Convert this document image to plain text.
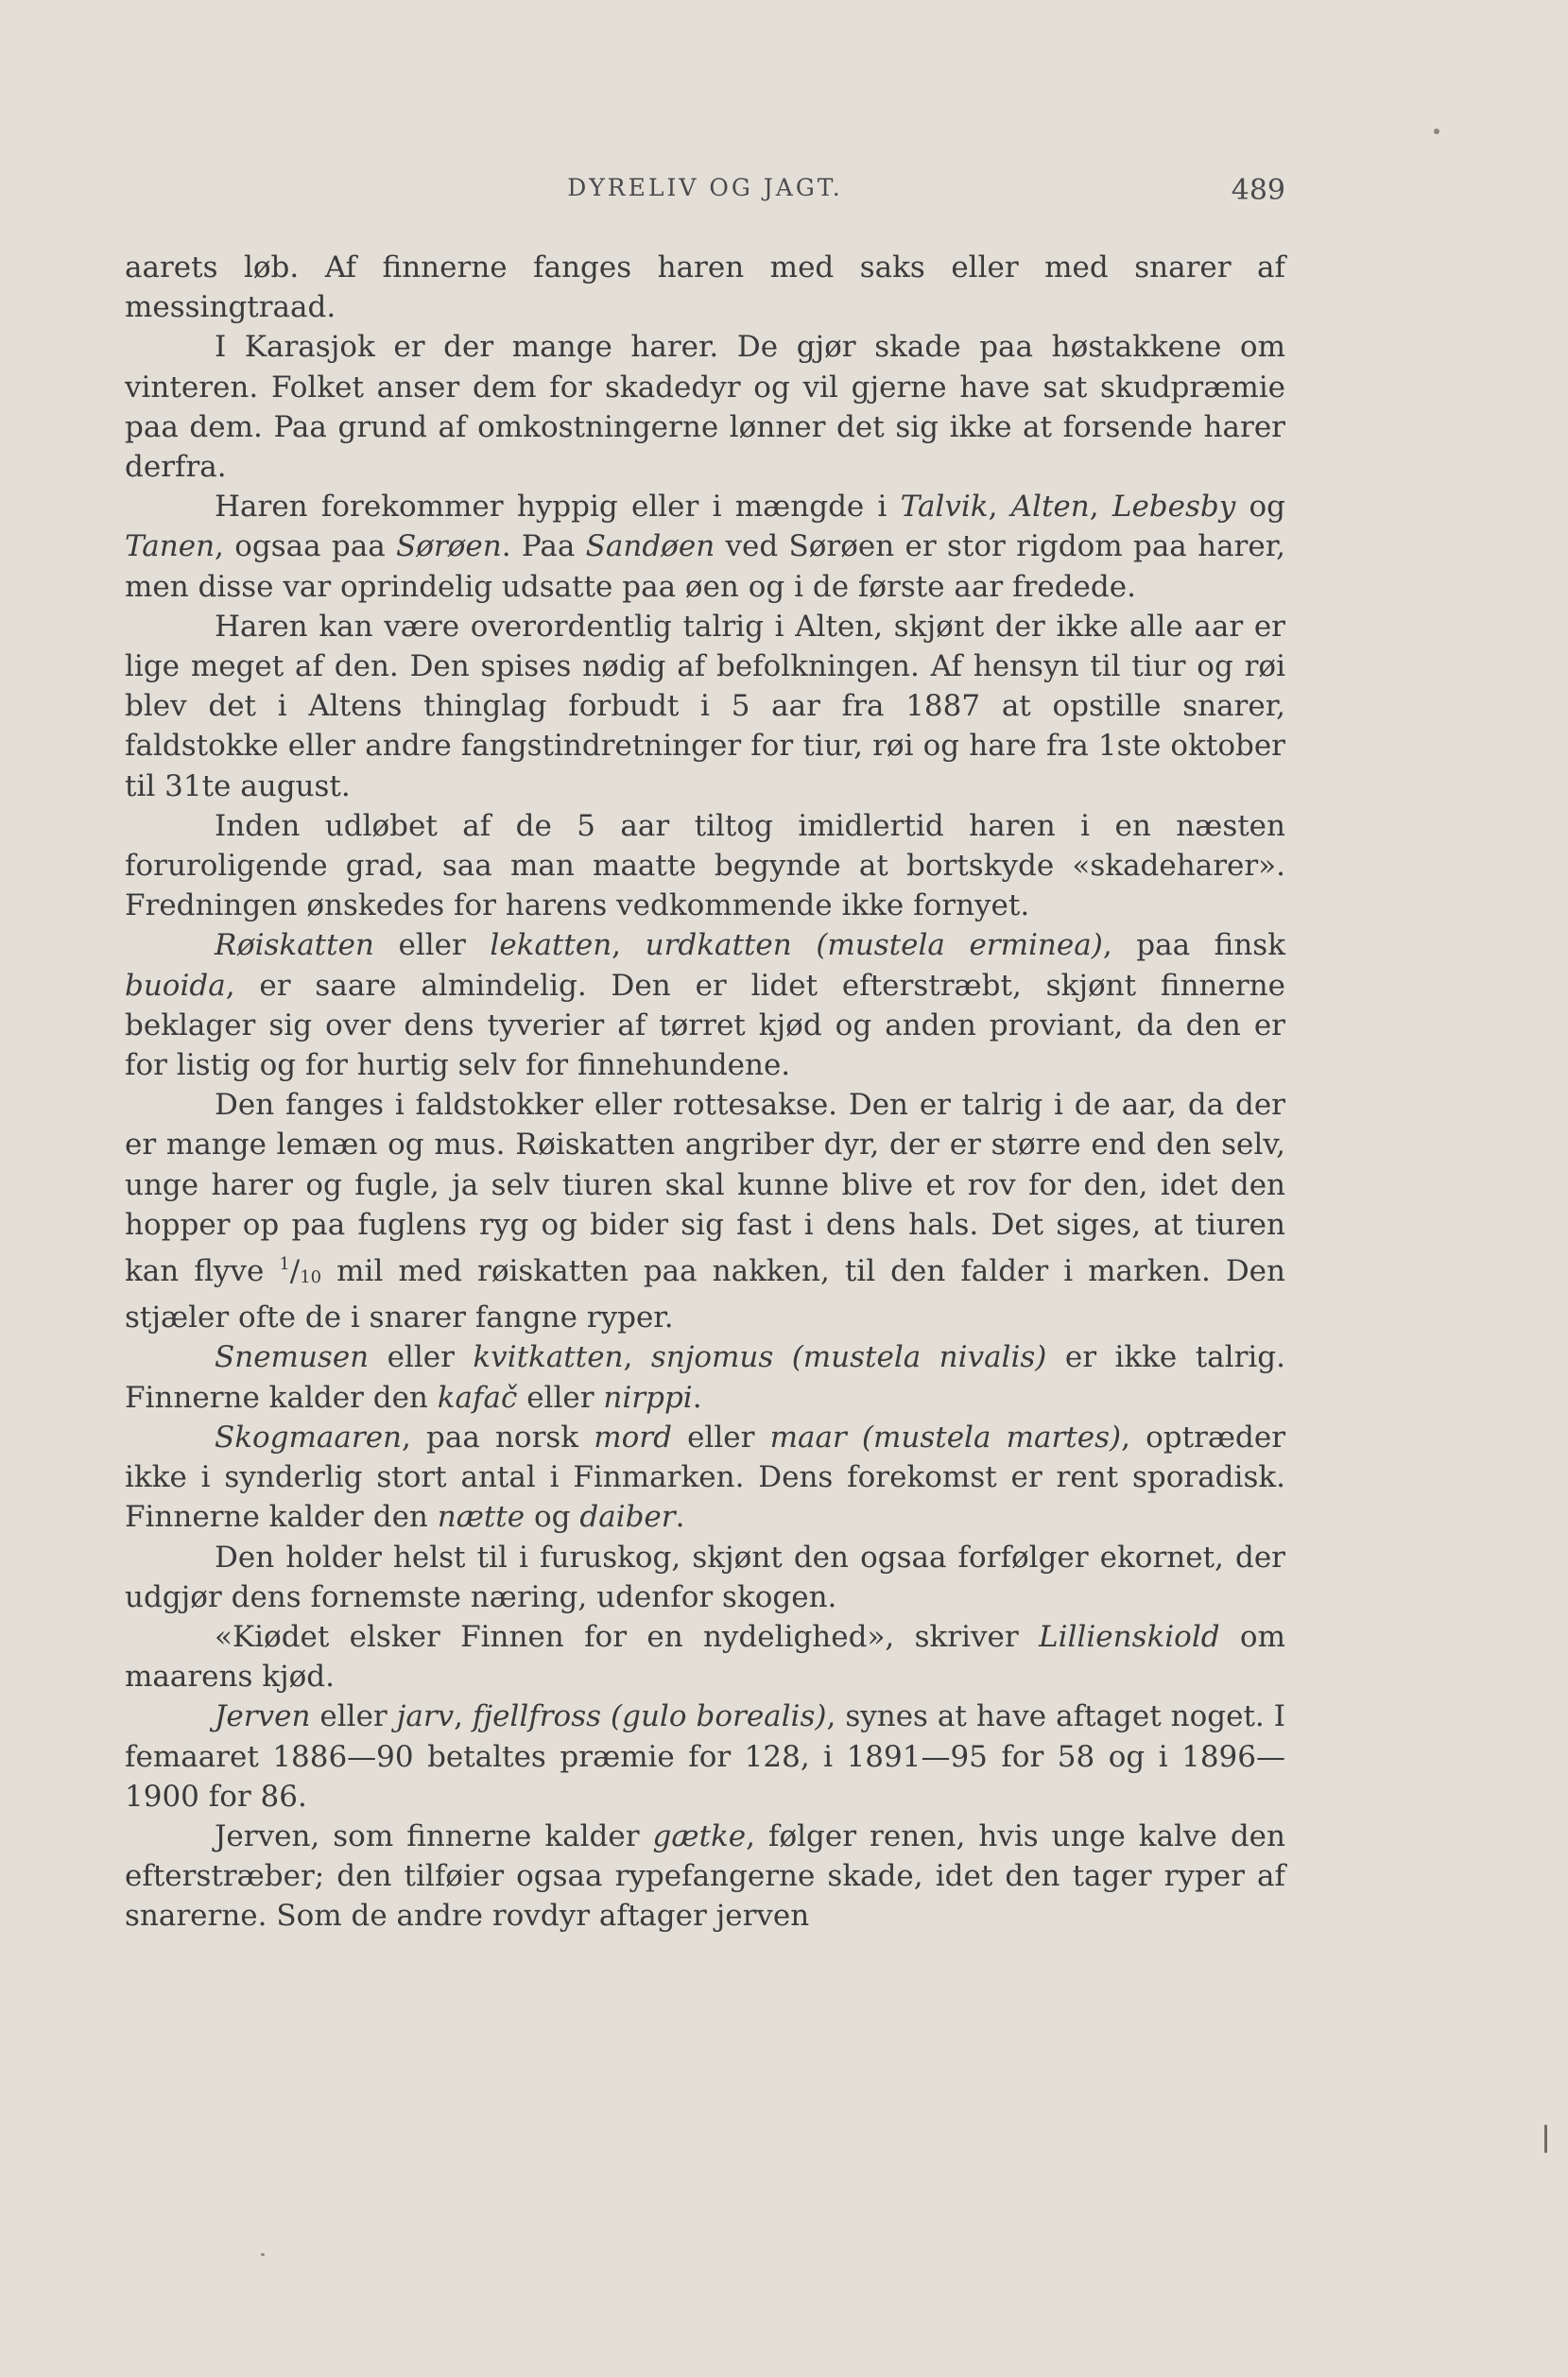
DYRELIV OG JAGT.	489

aarets løb. Af finnerne fanges haren med saks eller med snarer af messingtraad.

I Karasjok er der mange harer. De gjør skade paa høstakkene om vinteren. Folket anser dem for skadedyr og vil gjerne have sat skudpræmie paa dem. Paa grund af omkostningerne lønner det sig ikke at forsende harer derfra.

Haren forekommer hyppig eller i mængde i Talvik, Alten, Lebesby og Tanen, ogsaa paa Sørøen. Paa Sandøen ved Sørøen er stor rigdom paa harer, men disse var oprindelig udsatte paa øen og i de første aar fredede.

Haren kan være overordentlig talrig i Alten, skjønt der ikke alle aar er lige meget af den. Den spises nødig af befolkningen. Af hensyn til tiur og røi blev det i Altens thinglag forbudt i 5 aar fra 1887 at opstille snarer, faldstokke eller andre fangstindretninger for tiur, røi og hare fra 1ste oktober til 31te august.

Inden udløbet af de 5 aar tiltog imidlertid haren i en næsten foruroligende grad, saa man maatte begynde at bortskyde «skadeharer». Fredningen ønskedes for harens vedkommende ikke fornyet.

Røiskatten eller lekatten, urdkatten (mustela erminea), paa finsk buoida, er saare almindelig. Den er lidet efterstræbt, skjønt finnerne beklager sig over dens tyverier af tørret kjød og anden proviant, da den er for listig og for hurtig selv for finnehundene.

Den fanges i faldstokker eller rottesakse. Den er talrig i de aar, da der er mange lemæn og mus. Røiskatten angriber dyr, der er større end den selv, unge harer og fugle, ja selv tiuren skal kunne blive et rov for den, idet den hopper op paa fuglens ryg og bider sig fast i dens hals. Det siges, at tiuren kan flyve $^1/_{10}$ mil med røiskatten paa nakken, til den falder i marken. Den stjæler ofte de i snarer fangne ryper.

Snemusen eller kvitkatten, snjomus (mustela nivalis) er ikke talrig. Finnerne kalder den kafač eller nirppi.

Skogmaaren, paa norsk mord eller maar (mustela martes), optræder ikke i synderlig stort antal i Finmarken. Dens forekomst er rent sporadisk. Finnerne kalder den nætte og daiber.

Den holder helst til i furuskog, skjønt den ogsaa forfølger ekornet, der udgjør dens fornemste næring, udenfor skogen.

«Kiødet elsker Finnen for en nydelighed», skriver Lillienskiold om maarens kjød.

Jerven eller jarv, fjellfross (gulo borealis), synes at have aftaget noget. I femaaret 1886—90 betaltes præmie for 128, i 1891—95 for 58 og i 1896—1900 for 86.

Jerven, som finnerne kalder gætke, følger renen, hvis unge kalve den efterstræber; den tilføier ogsaa rypefangerne skade, idet den tager ryper af snarerne. Som de andre rovdyr aftager jerven
